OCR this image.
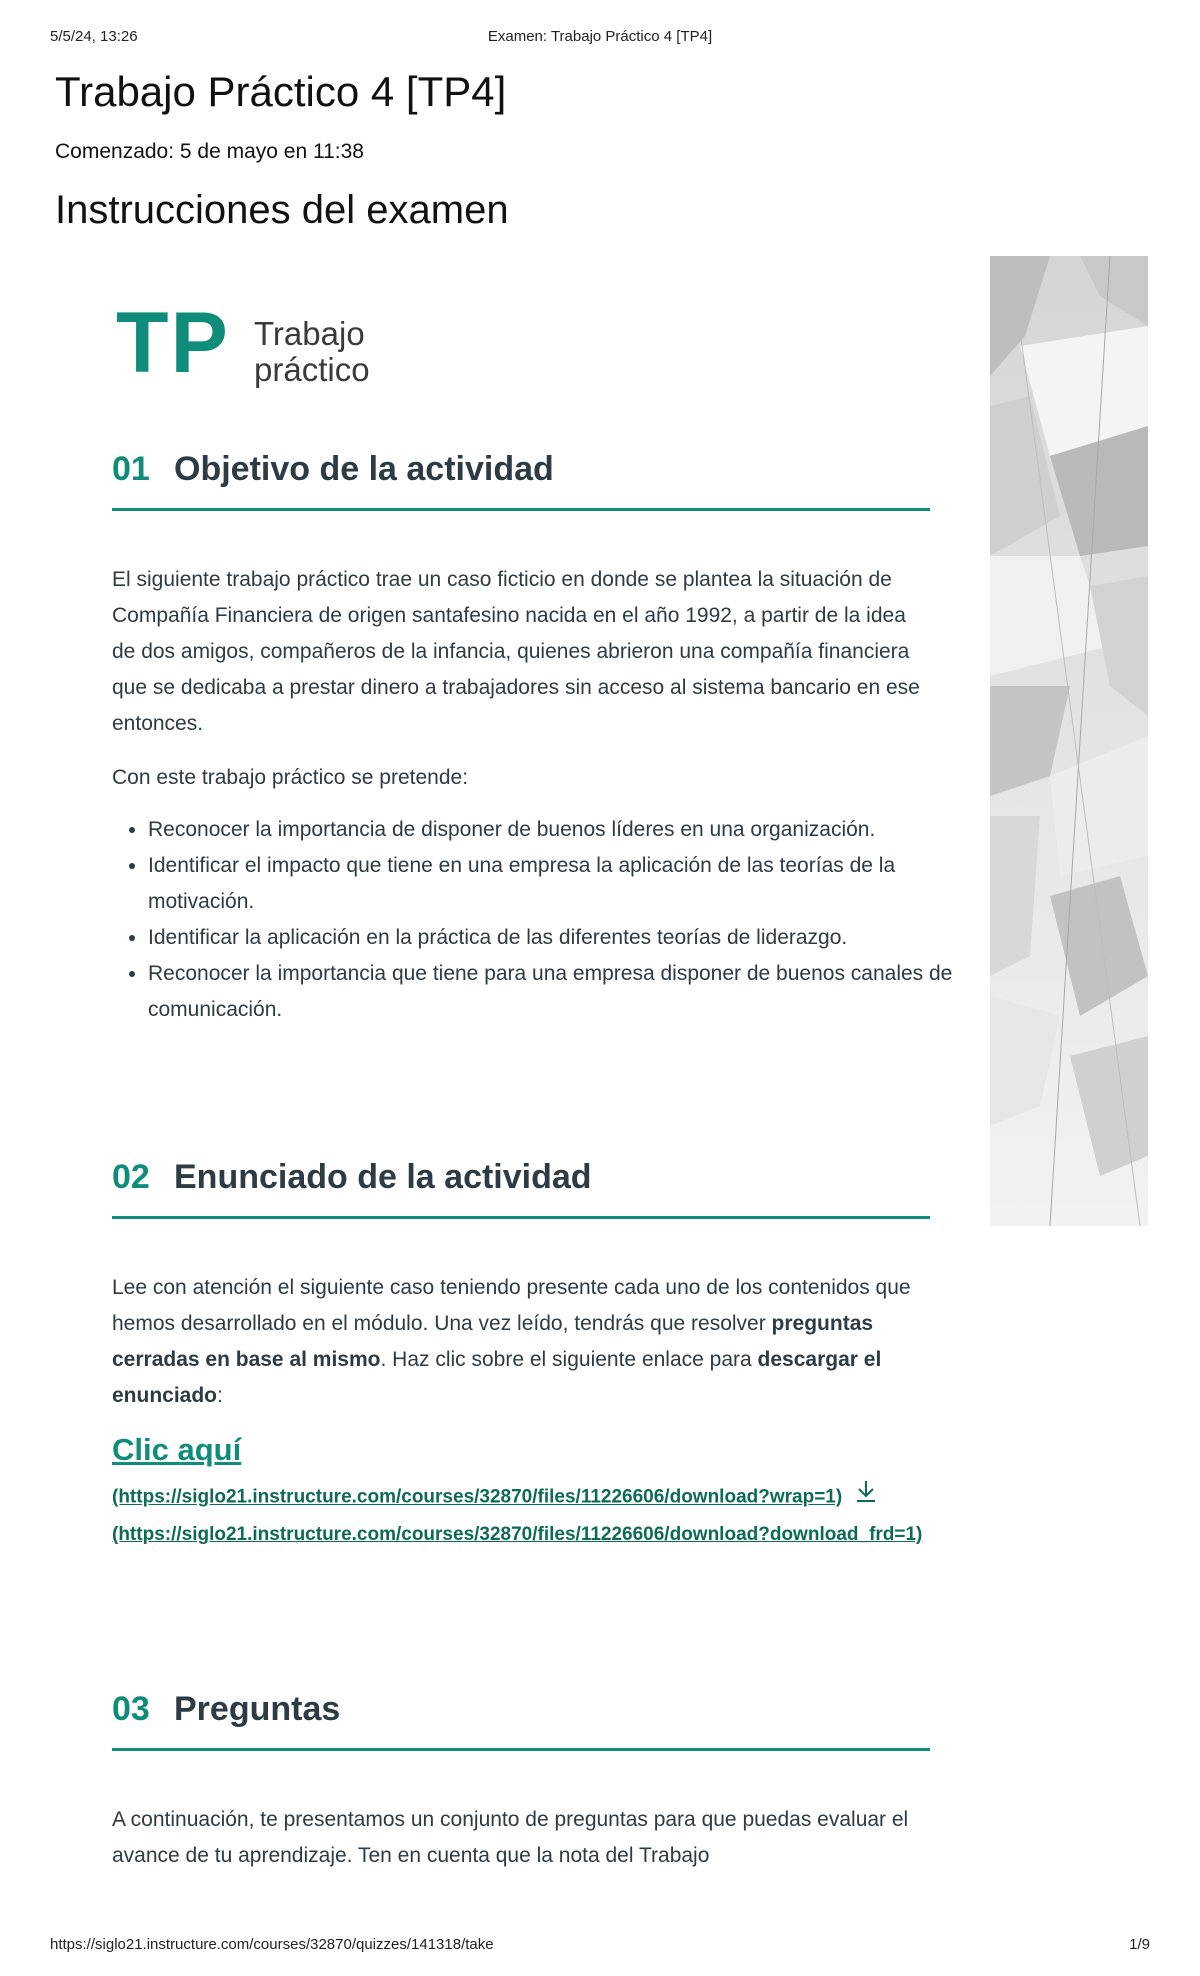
5/5/24, 13:26	Examen: Trabajo Práctico 4 [TP4]
Trabajo Práctico 4 [TP4]
Comenzado: 5 de mayo en 11:38
Instrucciones del examen
TP Trabajo
práctico
01 Objetivo de la actividad

El siguiente trabajo práctico trae un caso ficticio en donde se plantea la situación de Compañía Financiera de origen santafesino nacida en el año 1992, a partir de la idea de dos amigos, compañeros de la infancia, quienes abrieron una compañía financiera que se dedicaba a prestar dinero a trabajadores sin acceso al sistema bancario en ese entonces.

Con este trabajo práctico se pretende:

• Reconocer la importancia de disponer de buenos líderes en una organización.
• Identificar el impacto que tiene en una empresa la aplicación de las teorías de la motivación.
• Identificar la aplicación en la práctica de las diferentes teorías de liderazgo.
• Reconocer la importancia que tiene para una empresa disponer de buenos canales de comunicación.
02 Enunciado de la actividad

Lee con atención el siguiente caso teniendo presente cada uno de los contenidos que hemos desarrollado en el módulo. Una vez leído, tendrás que resolver preguntas cerradas en base al mismo. Haz clic sobre el siguiente enlace para descargar el enunciado:

Clic aquí
(https://siglo21.instructure.com/courses/32870/files/11226606/download?wrap=1)
(https://siglo21.instructure.com/courses/32870/files/11226606/download?download_frd=1)
03 Preguntas

A continuación, te presentamos un conjunto de preguntas para que puedas evaluar el avance de tu aprendizaje. Ten en cuenta que la nota del Trabajo

https://siglo21.instructure.com/courses/32870/quizzes/141318/take	1/9
